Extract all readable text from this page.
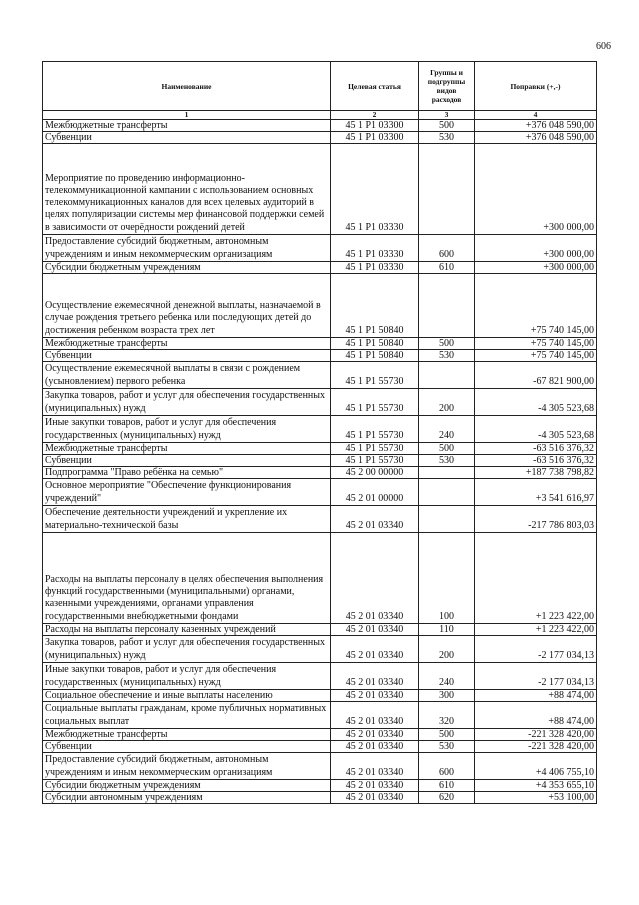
606
Наименование	Целевая статья	Группы и подгруппы видов расходов	Поправки (+,-)
1	2	3	4
Межбюджетные трансферты	45 1 P1 03300	500	+376 048 590,00
Субвенции	45 1 P1 03300	530	+376 048 590,00
Мероприятие по проведению информационно-телекоммуникационной кампании с использованием основных телекоммуникационных каналов для всех целевых аудиторий в целях популяризации системы мер финансовой поддержки семей в зависимости от очерёдности рождений детей	45 1 P1 03330		+300 000,00
Предоставление субсидий бюджетным, автономным учреждениям и иным некоммерческим организациям	45 1 P1 03330	600	+300 000,00
Субсидии бюджетным учреждениям	45 1 P1 03330	610	+300 000,00
Осуществление ежемесячной денежной выплаты, назначаемой в случае рождения третьего ребенка или последующих детей до достижения ребенком возраста трех лет	45 1 P1 50840		+75 740 145,00
Межбюджетные трансферты	45 1 P1 50840	500	+75 740 145,00
Субвенции	45 1 P1 50840	530	+75 740 145,00
Осуществление ежемесячной выплаты в связи с рождением (усыновлением) первого ребенка	45 1 P1 55730		-67 821 900,00
Закупка товаров, работ и услуг для обеспечения государственных (муниципальных) нужд	45 1 P1 55730	200	-4 305 523,68
Иные закупки товаров, работ и услуг для обеспечения государственных (муниципальных) нужд	45 1 P1 55730	240	-4 305 523,68
Межбюджетные трансферты	45 1 P1 55730	500	-63 516 376,32
Субвенции	45 1 P1 55730	530	-63 516 376,32
Подпрограмма "Право ребёнка на семью"	45 2 00 00000		+187 738 798,82
Основное мероприятие "Обеспечение функционирования учреждений"	45 2 01 00000		+3 541 616,97
Обеспечение деятельности учреждений и укрепление их материально-технической базы	45 2 01 03340		-217 786 803,03
Расходы на выплаты персоналу в целях обеспечения выполнения функций государственными (муниципальными) органами, казенными учреждениями, органами управления государственными внебюджетными фондами	45 2 01 03340	100	+1 223 422,00
Расходы на выплаты персоналу казенных учреждений	45 2 01 03340	110	+1 223 422,00
Закупка товаров, работ и услуг для обеспечения государственных (муниципальных) нужд	45 2 01 03340	200	-2 177 034,13
Иные закупки товаров, работ и услуг для обеспечения государственных (муниципальных) нужд	45 2 01 03340	240	-2 177 034,13
Социальное обеспечение и иные выплаты населению	45 2 01 03340	300	+88 474,00
Социальные выплаты гражданам, кроме публичных нормативных социальных выплат	45 2 01 03340	320	+88 474,00
Межбюджетные трансферты	45 2 01 03340	500	-221 328 420,00
Субвенции	45 2 01 03340	530	-221 328 420,00
Предоставление субсидий бюджетным, автономным учреждениям и иным некоммерческим организациям	45 2 01 03340	600	+4 406 755,10
Субсидии бюджетным учреждениям	45 2 01 03340	610	+4 353 655,10
Субсидии автономным учреждениям	45 2 01 03340	620	+53 100,00
